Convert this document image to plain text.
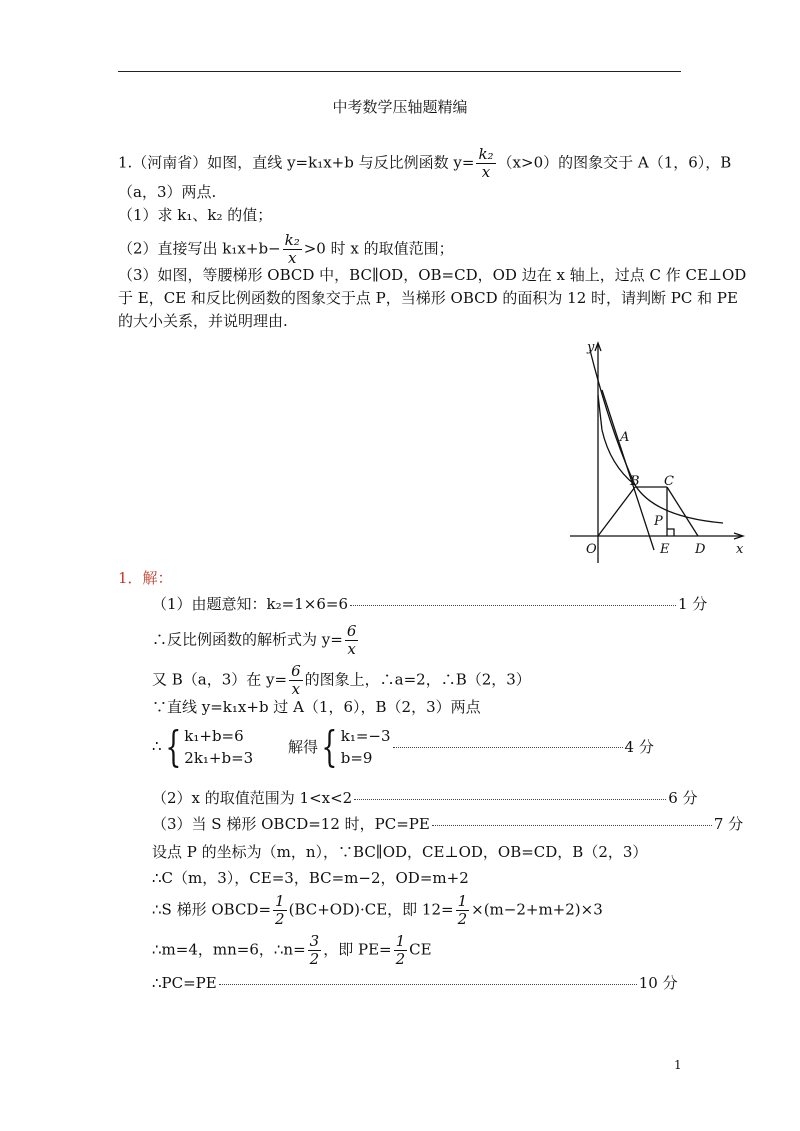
中考数学压轴题精编
1.（河南省）如图，直线 y=k₁x+b 与反比例函数 $y= \frac{\text{k₂}}{x} (x>0)$的图象交于 A（1，6），B
（a，3）两点.
（1）求 k₁、k₂ 的值；
（2）直接写出 $k_1x+b- \frac{\text{k₂}}{x} >0$ 时 x 的取值范围；
（3）如图，等腰梯形 OBCD 中，BC∥OD，OB=CD，OD 边在 x 轴上，过点 C 作 CE⊥OD
于 E，CE 和反比例函数的图象交于点 P，当梯形 OBCD 的面积为 12 时，请判断 PC 和 PE
的大小关系，并说明理由.
y
x
O
A
B C
P
E D
1．解：
（1）由题意知：k₂=1×6=6	1 分
∴反比例函数的解析式为 $y= \frac{6}{x}$
又 B（a，3）在 $y= \frac{6}{x}$ 的图象上，∴a=2，∴B（2，3）
∵直线 y=k₁x+b 过 A（1，6），B（2，3）两点
∴{ k₁+b=6
2k₁+b=3 解得{ k₁=−3
b=94 分
（2）x 的取值范围为 1<x<2	6 分
（3）当 S 梯形 OBCD=12 时，PC=PE	7 分
设点 P 的坐标为（m，n），∵BC∥OD，CE⊥OD，OB=CD，B（2，3）
∴C（m，3），CE=3，BC=m−2，OD=m+2
∴S 梯形 OBCD= $\frac{1}{2} (BC+OD)\cdot CE$，即 $12= \frac{1}{2} \times(m-2+m+2)\times 3$
∴m=4，mn=6，∴n= $\frac{3}{2}$ ，即 $PE= \frac{1}{2}$ CE
∴PC=PE	10 分
1
